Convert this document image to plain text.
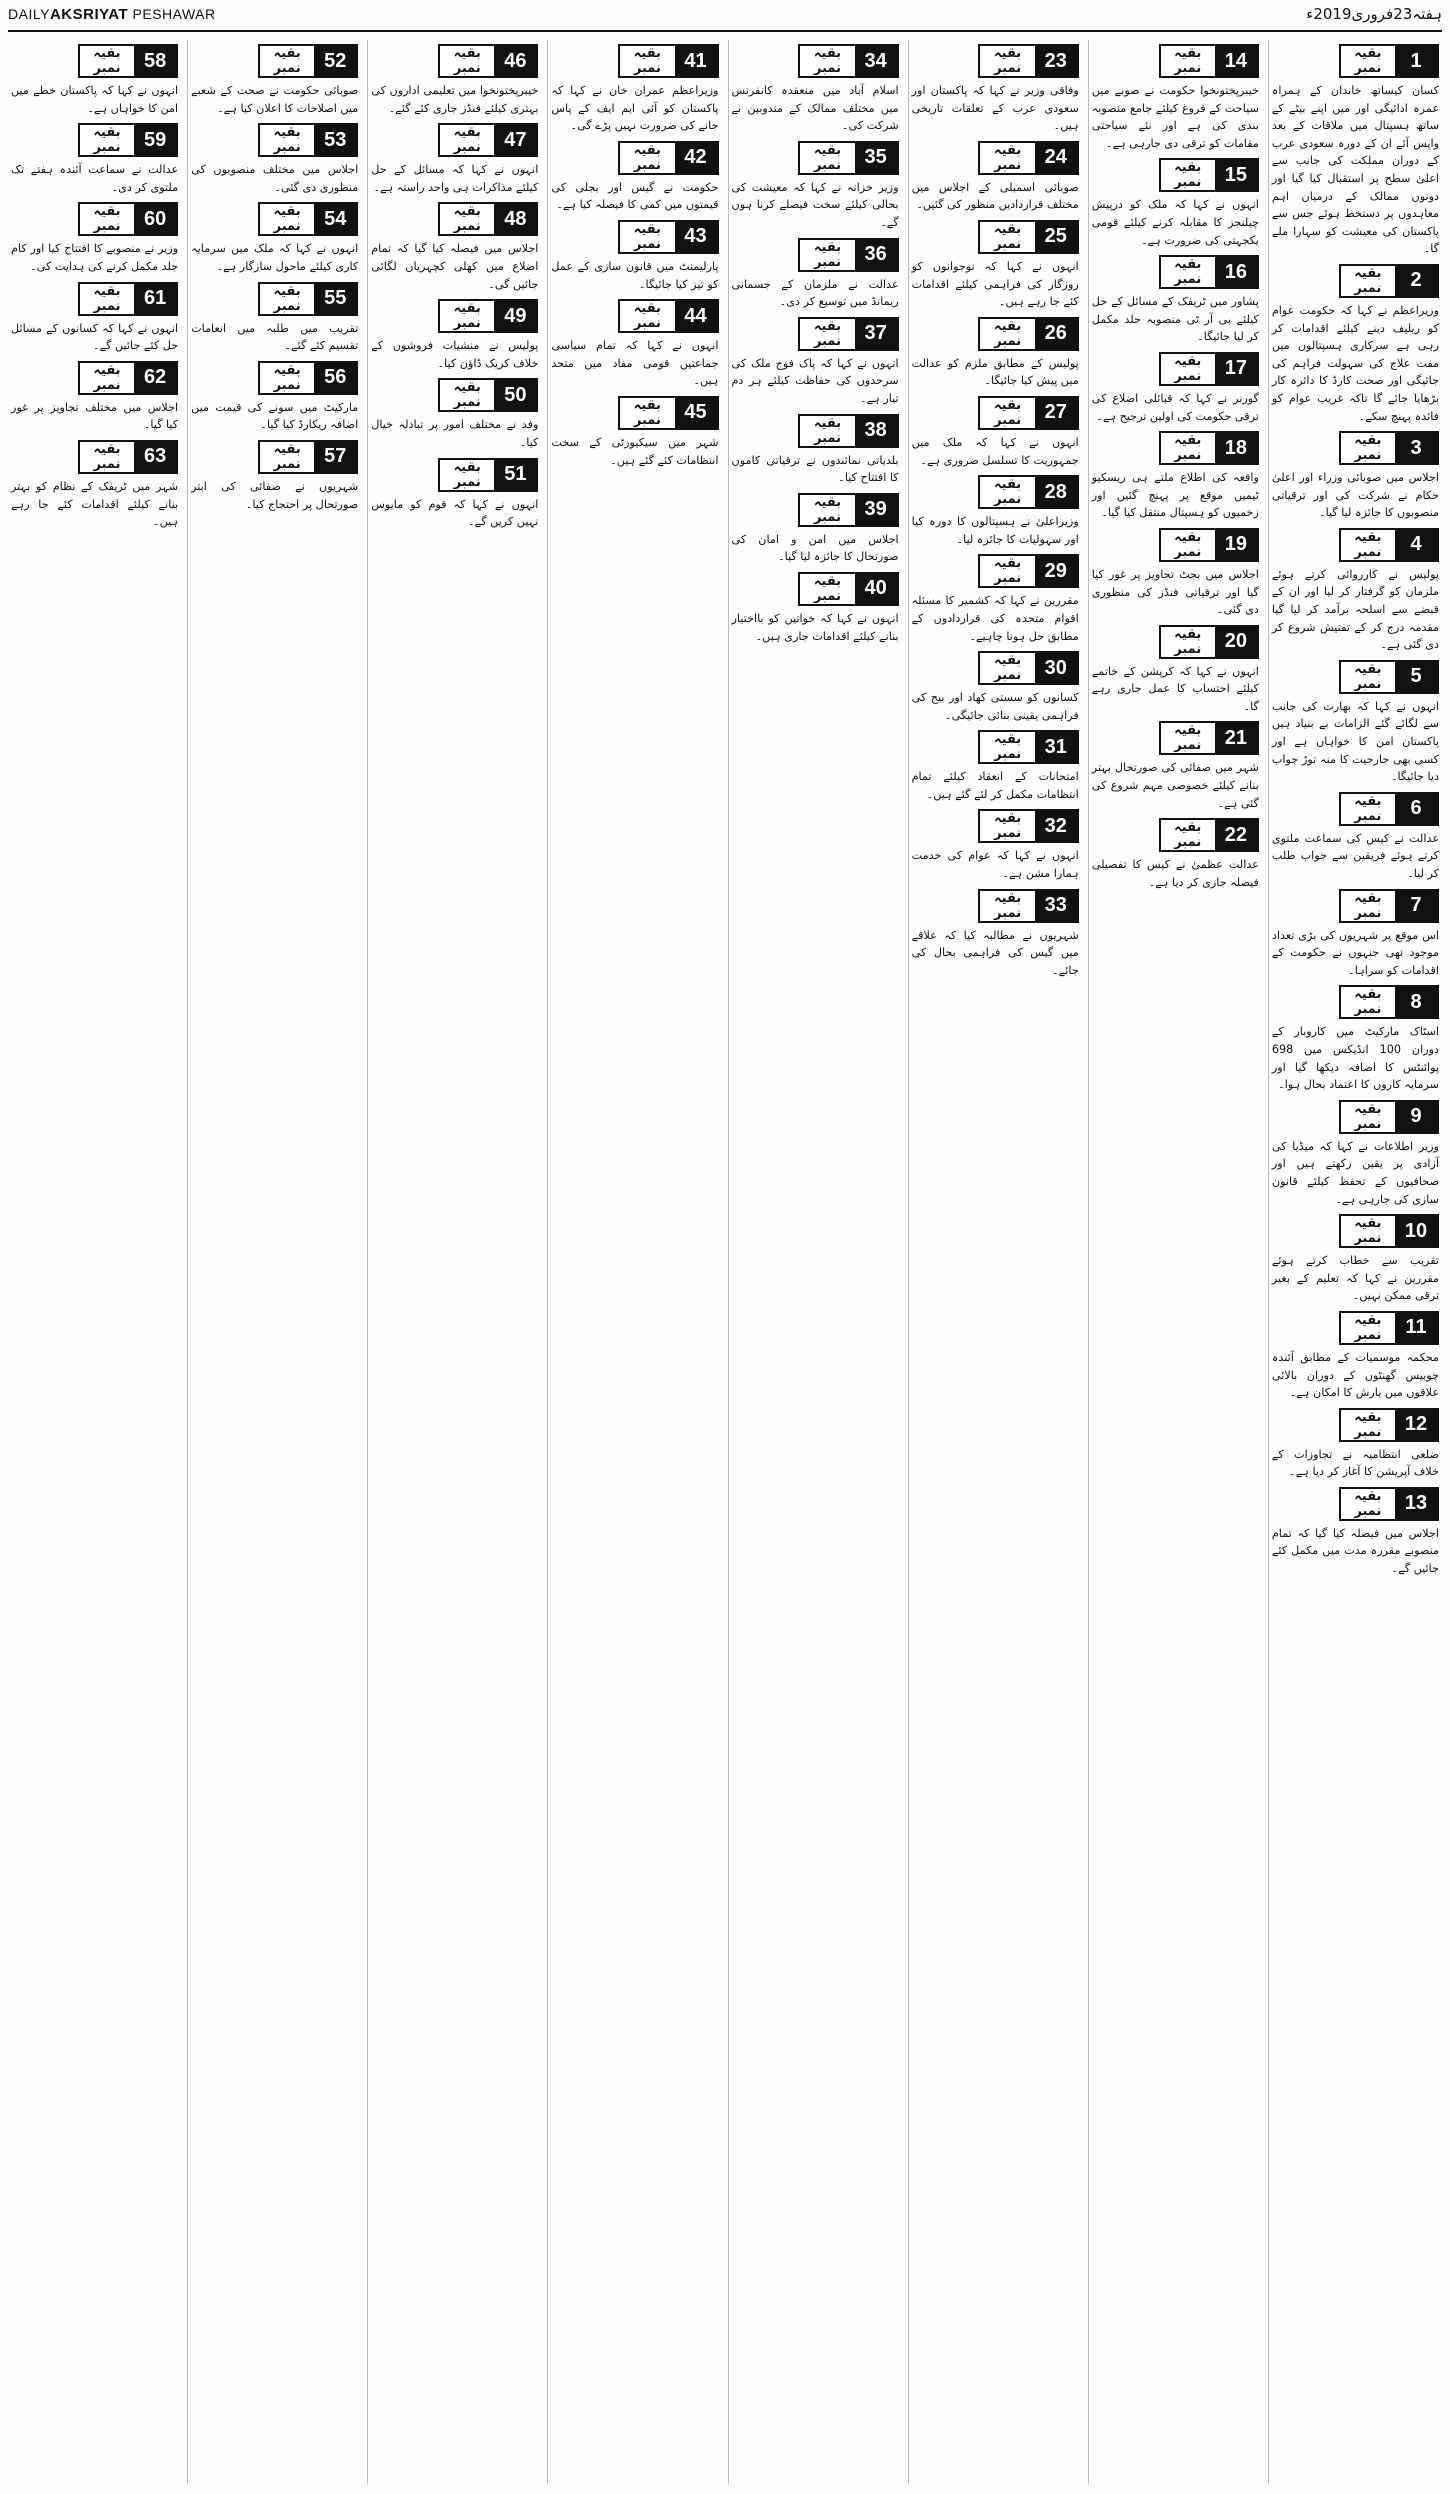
DAILYAKSRIYAT PESHAWAR	ہفتہ23فروری2019ء
1
بقیہ نمبر
کسان کیساتھ خاندان کے ہمراہ عمرہ ادائیگی اور میں اپنے بیٹے کے ساتھ ہسپتال میں ملاقات کے بعد واپس آئے ان کے دورہ سعودی عرب کے دوران مملکت کی جانب سے اعلیٰ سطح پر استقبال کیا گیا اور دونوں ممالک کے درمیان اہم معاہدوں پر دستخط ہوئے جس سے پاکستان کی معیشت کو سہارا ملے گا۔
2
بقیہ نمبر
وزیراعظم نے کہا کہ حکومت عوام کو ریلیف دینے کیلئے اقدامات کر رہی ہے سرکاری ہسپتالوں میں مفت علاج کی سہولت فراہم کی جائیگی اور صحت کارڈ کا دائرہ کار بڑھایا جائے گا تاکہ غریب عوام کو فائدہ پہنچ سکے۔
3
بقیہ نمبر
اجلاس میں صوبائی وزراء اور اعلیٰ حکام نے شرکت کی اور ترقیاتی منصوبوں کا جائزہ لیا گیا۔
4
بقیہ نمبر
پولیس نے کارروائی کرتے ہوئے ملزمان کو گرفتار کر لیا اور ان کے قبضے سے اسلحہ برآمد کر لیا گیا مقدمہ درج کر کے تفتیش شروع کر دی گئی ہے۔
5
بقیہ نمبر
انہوں نے کہا کہ بھارت کی جانب سے لگائے گئے الزامات بے بنیاد ہیں پاکستان امن کا خواہاں ہے اور کسی بھی جارحیت کا منہ توڑ جواب دیا جائیگا۔
6
بقیہ نمبر
عدالت نے کیس کی سماعت ملتوی کرتے ہوئے فریقین سے جواب طلب کر لیا۔
7
بقیہ نمبر
اس موقع پر شہریوں کی بڑی تعداد موجود تھی جنہوں نے حکومت کے اقدامات کو سراہا۔
8
بقیہ نمبر
اسٹاک مارکیٹ میں کاروبار کے دوران 100 انڈیکس میں 698 پوائنٹس کا اضافہ دیکھا گیا اور سرمایہ کاروں کا اعتماد بحال ہوا۔
9
بقیہ نمبر
وزیر اطلاعات نے کہا کہ میڈیا کی آزادی پر یقین رکھتے ہیں اور صحافیوں کے تحفظ کیلئے قانون سازی کی جارہی ہے۔
10
بقیہ نمبر
تقریب سے خطاب کرتے ہوئے مقررین نے کہا کہ تعلیم کے بغیر ترقی ممکن نہیں۔
11
بقیہ نمبر
محکمہ موسمیات کے مطابق آئندہ چوبیس گھنٹوں کے دوران بالائی علاقوں میں بارش کا امکان ہے۔
12
بقیہ نمبر
ضلعی انتظامیہ نے تجاوزات کے خلاف آپریشن کا آغاز کر دیا ہے۔
13
بقیہ نمبر
اجلاس میں فیصلہ کیا گیا کہ تمام منصوبے مقررہ مدت میں مکمل کئے جائیں گے۔
14
بقیہ نمبر
خیبرپختونخوا حکومت نے صوبے میں سیاحت کے فروغ کیلئے جامع منصوبہ بندی کی ہے اور نئے سیاحتی مقامات کو ترقی دی جارہی ہے۔
15
بقیہ نمبر
انہوں نے کہا کہ ملک کو درپیش چیلنجز کا مقابلہ کرنے کیلئے قومی یکجہتی کی ضرورت ہے۔
16
بقیہ نمبر
پشاور میں ٹریفک کے مسائل کے حل کیلئے بی آر ٹی منصوبہ جلد مکمل کر لیا جائیگا۔
17
بقیہ نمبر
گورنر نے کہا کہ قبائلی اضلاع کی ترقی حکومت کی اولین ترجیح ہے۔
18
بقیہ نمبر
واقعہ کی اطلاع ملتے ہی ریسکیو ٹیمیں موقع پر پہنچ گئیں اور زخمیوں کو ہسپتال منتقل کیا گیا۔
19
بقیہ نمبر
اجلاس میں بجٹ تجاویز پر غور کیا گیا اور ترقیاتی فنڈز کی منظوری دی گئی۔
20
بقیہ نمبر
انہوں نے کہا کہ کرپشن کے خاتمے کیلئے احتساب کا عمل جاری رہے گا۔
21
بقیہ نمبر
شہر میں صفائی کی صورتحال بہتر بنانے کیلئے خصوصی مہم شروع کی گئی ہے۔
22
بقیہ نمبر
عدالت عظمیٰ نے کیس کا تفصیلی فیصلہ جاری کر دیا ہے۔
23
بقیہ نمبر
وفاقی وزیر نے کہا کہ پاکستان اور سعودی عرب کے تعلقات تاریخی ہیں۔
24
بقیہ نمبر
صوبائی اسمبلی کے اجلاس میں مختلف قراردادیں منظور کی گئیں۔
25
بقیہ نمبر
انہوں نے کہا کہ نوجوانوں کو روزگار کی فراہمی کیلئے اقدامات کئے جا رہے ہیں۔
26
بقیہ نمبر
پولیس کے مطابق ملزم کو عدالت میں پیش کیا جائیگا۔
27
بقیہ نمبر
انہوں نے کہا کہ ملک میں جمہوریت کا تسلسل ضروری ہے۔
28
بقیہ نمبر
وزیراعلیٰ نے ہسپتالوں کا دورہ کیا اور سہولیات کا جائزہ لیا۔
29
بقیہ نمبر
مقررین نے کہا کہ کشمیر کا مسئلہ اقوام متحدہ کی قراردادوں کے مطابق حل ہونا چاہیے۔
30
بقیہ نمبر
کسانوں کو سستی کھاد اور بیج کی فراہمی یقینی بنائی جائیگی۔
31
بقیہ نمبر
امتحانات کے انعقاد کیلئے تمام انتظامات مکمل کر لئے گئے ہیں۔
32
بقیہ نمبر
انہوں نے کہا کہ عوام کی خدمت ہمارا مشن ہے۔
33
بقیہ نمبر
شہریوں نے مطالبہ کیا کہ علاقے میں گیس کی فراہمی بحال کی جائے۔
34
بقیہ نمبر
اسلام آباد میں منعقدہ کانفرنس میں مختلف ممالک کے مندوبین نے شرکت کی۔
35
بقیہ نمبر
وزیر خزانہ نے کہا کہ معیشت کی بحالی کیلئے سخت فیصلے کرنا ہوں گے۔
36
بقیہ نمبر
عدالت نے ملزمان کے جسمانی ریمانڈ میں توسیع کر دی۔
37
بقیہ نمبر
انہوں نے کہا کہ پاک فوج ملک کی سرحدوں کی حفاظت کیلئے ہر دم تیار ہے۔
38
بقیہ نمبر
بلدیاتی نمائندوں نے ترقیاتی کاموں کا افتتاح کیا۔
39
بقیہ نمبر
اجلاس میں امن و امان کی صورتحال کا جائزہ لیا گیا۔
40
بقیہ نمبر
انہوں نے کہا کہ خواتین کو بااختیار بنانے کیلئے اقدامات جاری ہیں۔
41
بقیہ نمبر
وزیراعظم عمران خان نے کہا کہ پاکستان کو آئی ایم ایف کے پاس جانے کی ضرورت نہیں پڑے گی۔
42
بقیہ نمبر
حکومت نے گیس اور بجلی کی قیمتوں میں کمی کا فیصلہ کیا ہے۔
43
بقیہ نمبر
پارلیمنٹ میں قانون سازی کے عمل کو تیز کیا جائیگا۔
44
بقیہ نمبر
انہوں نے کہا کہ تمام سیاسی جماعتیں قومی مفاد میں متحد ہیں۔
45
بقیہ نمبر
شہر میں سیکیورٹی کے سخت انتظامات کئے گئے ہیں۔
46
بقیہ نمبر
خیبرپختونخوا میں تعلیمی اداروں کی بہتری کیلئے فنڈز جاری کئے گئے۔
47
بقیہ نمبر
انہوں نے کہا کہ مسائل کے حل کیلئے مذاکرات ہی واحد راستہ ہے۔
48
بقیہ نمبر
اجلاس میں فیصلہ کیا گیا کہ تمام اضلاع میں کھلی کچہریاں لگائی جائیں گی۔
49
بقیہ نمبر
پولیس نے منشیات فروشوں کے خلاف کریک ڈاؤن کیا۔
50
بقیہ نمبر
وفد نے مختلف امور پر تبادلہ خیال کیا۔
51
بقیہ نمبر
انہوں نے کہا کہ قوم کو مایوس نہیں کریں گے۔
52
بقیہ نمبر
صوبائی حکومت نے صحت کے شعبے میں اصلاحات کا اعلان کیا ہے۔
53
بقیہ نمبر
اجلاس میں مختلف منصوبوں کی منظوری دی گئی۔
54
بقیہ نمبر
انہوں نے کہا کہ ملک میں سرمایہ کاری کیلئے ماحول سازگار ہے۔
55
بقیہ نمبر
تقریب میں طلبہ میں انعامات تقسیم کئے گئے۔
56
بقیہ نمبر
مارکیٹ میں سونے کی قیمت میں اضافہ ریکارڈ کیا گیا۔
57
بقیہ نمبر
شہریوں نے صفائی کی ابتر صورتحال پر احتجاج کیا۔
58
بقیہ نمبر
انہوں نے کہا کہ پاکستان خطے میں امن کا خواہاں ہے۔
59
بقیہ نمبر
عدالت نے سماعت آئندہ ہفتے تک ملتوی کر دی۔
60
بقیہ نمبر
وزیر نے منصوبے کا افتتاح کیا اور کام جلد مکمل کرنے کی ہدایت کی۔
61
بقیہ نمبر
انہوں نے کہا کہ کسانوں کے مسائل حل کئے جائیں گے۔
62
بقیہ نمبر
اجلاس میں مختلف تجاویز پر غور کیا گیا۔
63
بقیہ نمبر
شہر میں ٹریفک کے نظام کو بہتر بنانے کیلئے اقدامات کئے جا رہے ہیں۔
